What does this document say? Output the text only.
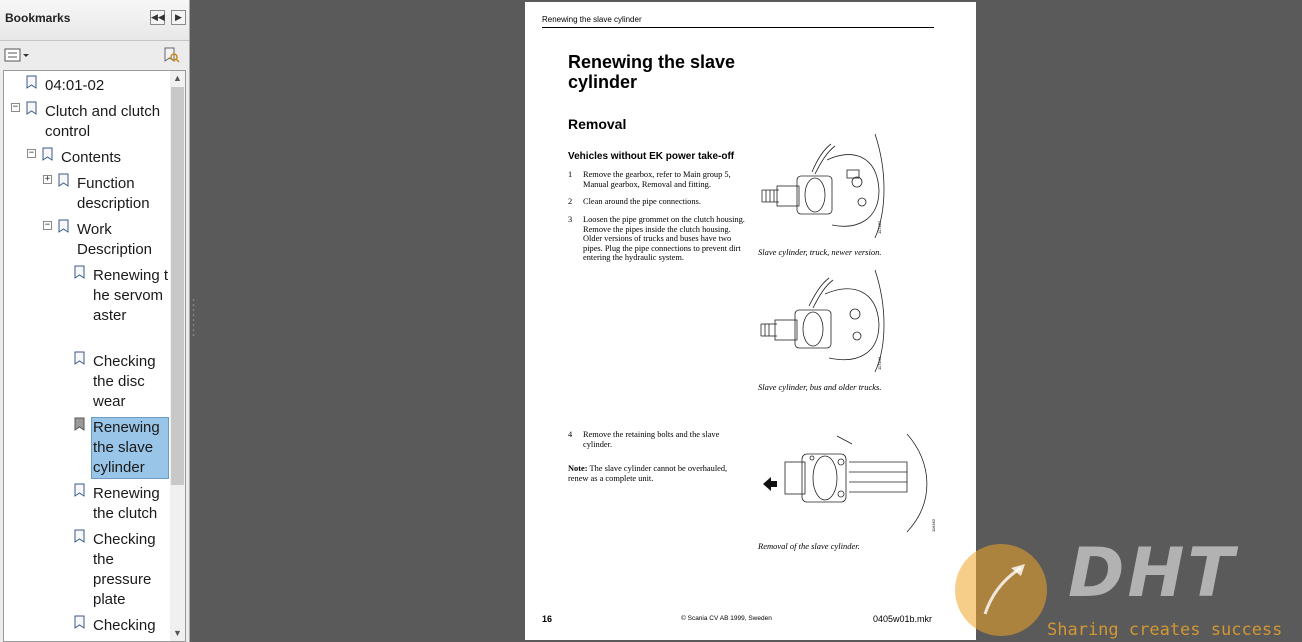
Bookmarks	◀◀	▶
−
−
+
−
04:01-02
Clutch and clutch control
Contents
Function description
Work Description
Renewing the servomaster
Checking the disc wear
Renewing the slave cylinder
Renewing the clutch
Checking the pressure plate
Checking
▲
▼
Renewing the slave cylinder
Renewing the slave cylinder
Removal
Vehicles without EK power take-off
1 Remove the gearbox, refer to Main group 5, Manual gearbox, Removal and fitting.
2 Clean around the pipe connections.
3 Loosen the pipe grommet on the clutch housing. Remove the pipes inside the clutch housing. Older versions of trucks and buses have two pipes. Plug the pipe connections to prevent dirt entering the hydraulic system.
4 Remove the retaining bolts and the slave cylinder.
Note: The slave cylinder cannot be overhauled, renew as a complete unit.
117427
Slave cylinder, truck, newer version.
117444
Slave cylinder, bus and older trucks.
116462
Removal of the slave cylinder.
16	© Scania CV AB 1999, Sweden	0405w01b.mkr
DHT
Sharing creates success
